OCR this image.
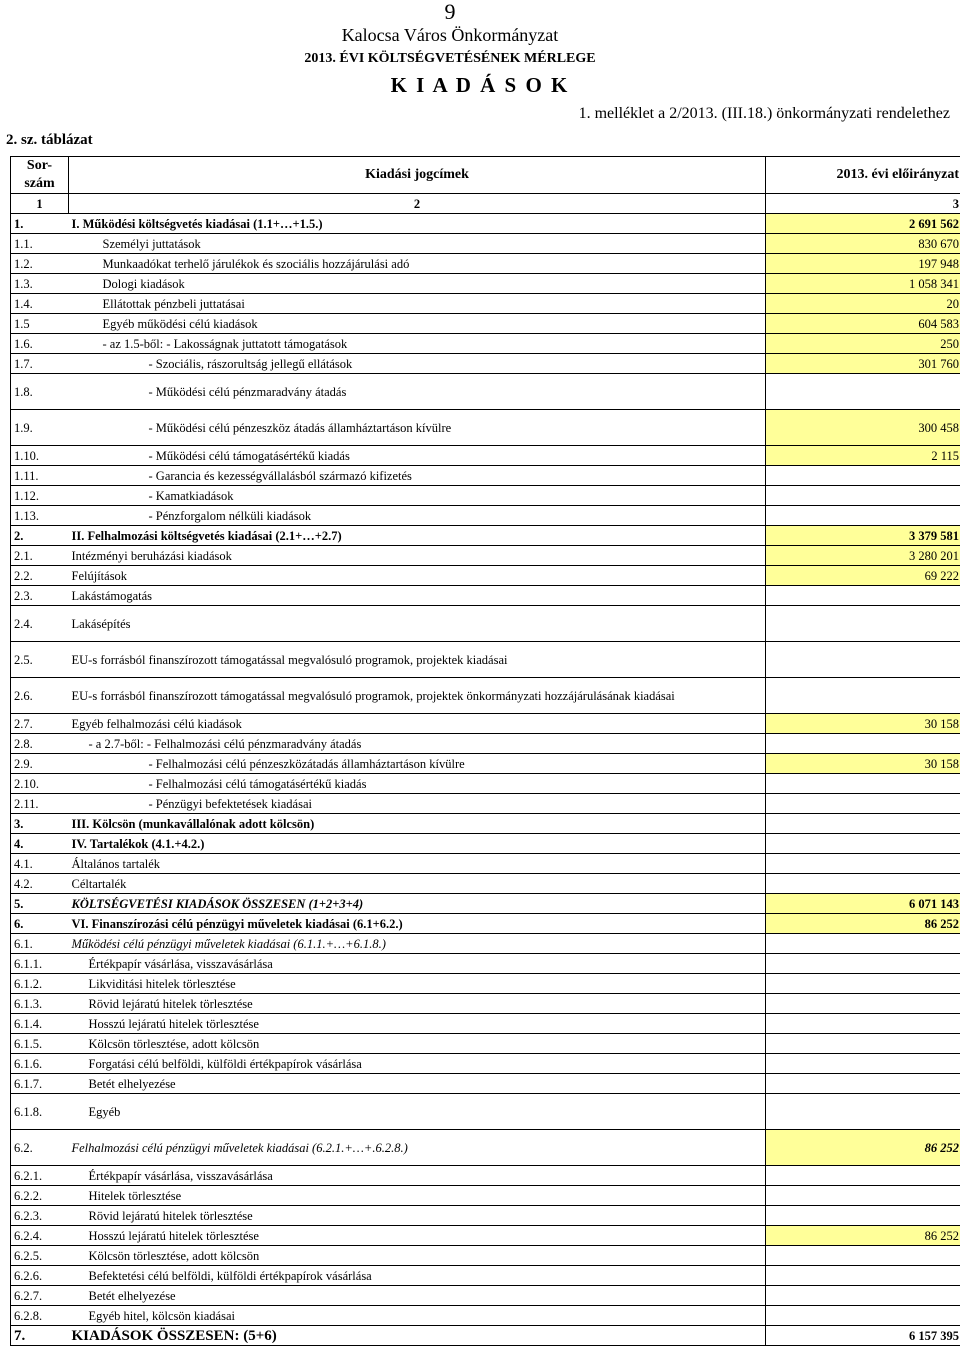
9
Kalocsa Város Önkormányzat
2013. ÉVI KÖLTSÉGVETÉSÉNEK MÉRLEGE
K I A D Á S O K
1. melléklet a 2/2013. (III.18.) önkormányzati rendelethez
2. sz. táblázat
Sor-
szám	Kiadási jogcímek	2013. évi előirányzat
1	2	3
1.	I. Működési költségvetés kiadásai (1.1+…+1.5.)	2 691 562
1.1.	Személyi juttatások	830 670
1.2.	Munkaadókat terhelő járulékok és szociális hozzájárulási adó	197 948
1.3.	Dologi kiadások	1 058 341
1.4.	Ellátottak pénzbeli juttatásai	20
1.5	Egyéb működési célú kiadások	604 583
1.6.	- az 1.5-ből: - Lakosságnak juttatott támogatások	250
1.7.	- Szociális, rászorultság jellegű ellátások	301 760
1.8.	- Működési célú pénzmaradvány átadás	
1.9.	- Működési célú pénzeszköz átadás államháztartáson kívülre	300 458
1.10.	- Működési célú támogatásértékű kiadás	2 115
1.11.	- Garancia és kezességvállalásból származó kifizetés	
1.12.	- Kamatkiadások	
1.13.	- Pénzforgalom nélküli kiadások	
2.	II. Felhalmozási költségvetés kiadásai (2.1+…+2.7)	3 379 581
2.1.	Intézményi beruházási kiadások	3 280 201
2.2.	Felújítások	69 222
2.3.	Lakástámogatás	
2.4.	Lakásépítés	
2.5.	EU-s forrásból finanszírozott támogatással megvalósuló programok, projektek kiadásai	
2.6.	EU-s forrásból finanszírozott támogatással megvalósuló programok, projektek önkormányzati hozzájárulásának kiadásai	
2.7.	Egyéb felhalmozási célú kiadások	30 158
2.8.	- a 2.7-ből: - Felhalmozási célú pénzmaradvány átadás	
2.9.	- Felhalmozási célú pénzeszközátadás államháztartáson kívülre	30 158
2.10.	- Felhalmozási célú támogatásértékű kiadás	
2.11.	- Pénzügyi befektetések kiadásai	
3.	III. Kölcsön (munkavállalónak adott kölcsön)	
4.	IV. Tartalékok (4.1.+4.2.)	
4.1.	Általános tartalék	
4.2.	Céltartalék	
5.	KÖLTSÉGVETÉSI KIADÁSOK ÖSSZESEN (1+2+3+4)	6 071 143
6.	VI. Finanszírozási célú pénzügyi műveletek kiadásai (6.1+6.2.)	86 252
6.1.	Működési célú pénzügyi műveletek kiadásai (6.1.1.+…+6.1.8.)	
6.1.1.	Értékpapír vásárlása, visszavásárlása	
6.1.2.	Likviditási hitelek törlesztése	
6.1.3.	Rövid lejáratú hitelek törlesztése	
6.1.4.	Hosszú lejáratú hitelek törlesztése	
6.1.5.	Kölcsön törlesztése, adott kölcsön	
6.1.6.	Forgatási célú belföldi, külföldi értékpapírok vásárlása	
6.1.7.	Betét elhelyezése	
6.1.8.	Egyéb	
6.2.	Felhalmozási célú pénzügyi műveletek kiadásai (6.2.1.+…+.6.2.8.)	86 252
6.2.1.	Értékpapír vásárlása, visszavásárlása	
6.2.2.	Hitelek törlesztése	
6.2.3.	Rövid lejáratú hitelek törlesztése	
6.2.4.	Hosszú lejáratú hitelek törlesztése	86 252
6.2.5.	Kölcsön törlesztése, adott kölcsön	
6.2.6.	Befektetési célú belföldi, külföldi értékpapírok vásárlása	
6.2.7.	Betét elhelyezése	
6.2.8.	Egyéb hitel, kölcsön kiadásai	
7.	KIADÁSOK ÖSSZESEN: (5+6)	6 157 395
